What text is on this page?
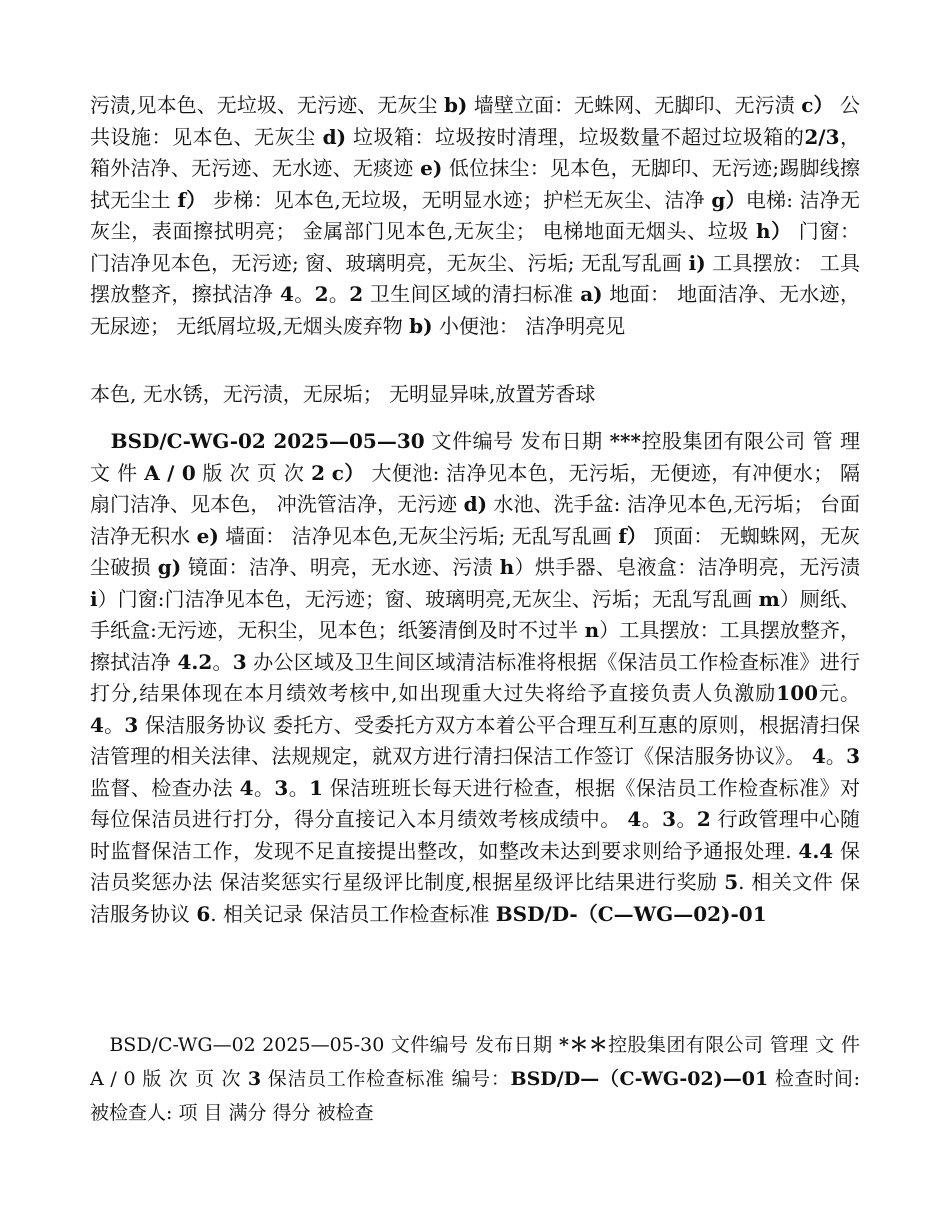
污渍,见本色、无垃圾、无污迹、无灰尘 b) 墙壁立面：无蛛网、无脚印、无污渍 c） 公共设施：见本色、无灰尘 d) 垃圾箱：垃圾按时清理，垃圾数量不超过垃圾箱的2/3，箱外洁净、无污迹、无水迹、无痰迹 e) 低位抹尘：见本色，无脚印、无污迹;踢脚线擦拭无尘土 f） 步梯：见本色,无垃圾，无明显水迹；护栏无灰尘、洁净 g）电梯: 洁净无灰尘，表面擦拭明亮； 金属部门见本色,无灰尘； 电梯地面无烟头、垃圾 h） 门窗： 门洁净见本色，无污迹; 窗、玻璃明亮，无灰尘、污垢; 无乱写乱画 i) 工具摆放： 工具摆放整齐，擦拭洁净 4。2。2 卫生间区域的清扫标准 a) 地面： 地面洁净、无水迹，无尿迹； 无纸屑垃圾,无烟头废弃物 b) 小便池： 洁净明亮见

本色, 无水锈，无污渍，无尿垢； 无明显异味,放置芳香球

BSD/C-WG-02 2025—05—30 文件编号 发布日期 ***控股集团有限公司 管 理 文 件 A / 0 版 次 页 次 2 c） 大便池: 洁净见本色，无污垢，无便迹，有冲便水； 隔扇门洁净、见本色， 冲洗管洁净，无污迹 d) 水池、洗手盆: 洁净见本色,无污垢； 台面洁净无积水 e) 墙面： 洁净见本色,无灰尘污垢; 无乱写乱画 f） 顶面： 无蜘蛛网，无灰尘破损 g) 镜面：洁净、明亮，无水迹、污渍 h）烘手器、皂液盒：洁净明亮，无污渍 i）门窗:门洁净见本色，无污迹；窗、玻璃明亮,无灰尘、污垢；无乱写乱画 m）厕纸、手纸盒:无污迹，无积尘，见本色；纸篓清倒及时不过半 n）工具摆放：工具摆放整齐，擦拭洁净 4.2。3 办公区域及卫生间区域清洁标准将根据《保洁员工作检查标准》进行打分,结果体现在本月绩效考核中,如出现重大过失将给予直接负责人负激励100元。 4。3 保洁服务协议 委托方、受委托方双方本着公平合理互利互惠的原则，根据清扫保洁管理的相关法律、法规规定，就双方进行清扫保洁工作签订《保洁服务协议》。 4。3 监督、检查办法 4。3。1 保洁班班长每天进行检查，根据《保洁员工作检查标准》对每位保洁员进行打分，得分直接记入本月绩效考核成绩中。 4。3。2 行政管理中心随时监督保洁工作，发现不足直接提出整改，如整改未达到要求则给予通报处理. 4.4 保洁员奖惩办法 保洁奖惩实行星级评比制度,根据星级评比结果进行奖励 5. 相关文件 保洁服务协议 6. 相关记录 保洁员工作检查标准 BSD/D-（C—WG—02)-01

BSD/C-WG—02 2025—05-30 文件编号 发布日期 *＊＊控股集团有限公司 管理 文 件 A / 0 版 次 页 次 3 保洁员工作检查标准 编号：BSD/D—（C-WG-02)—01 检查时间: 被检查人: 项 目 满分 得分 被检查
